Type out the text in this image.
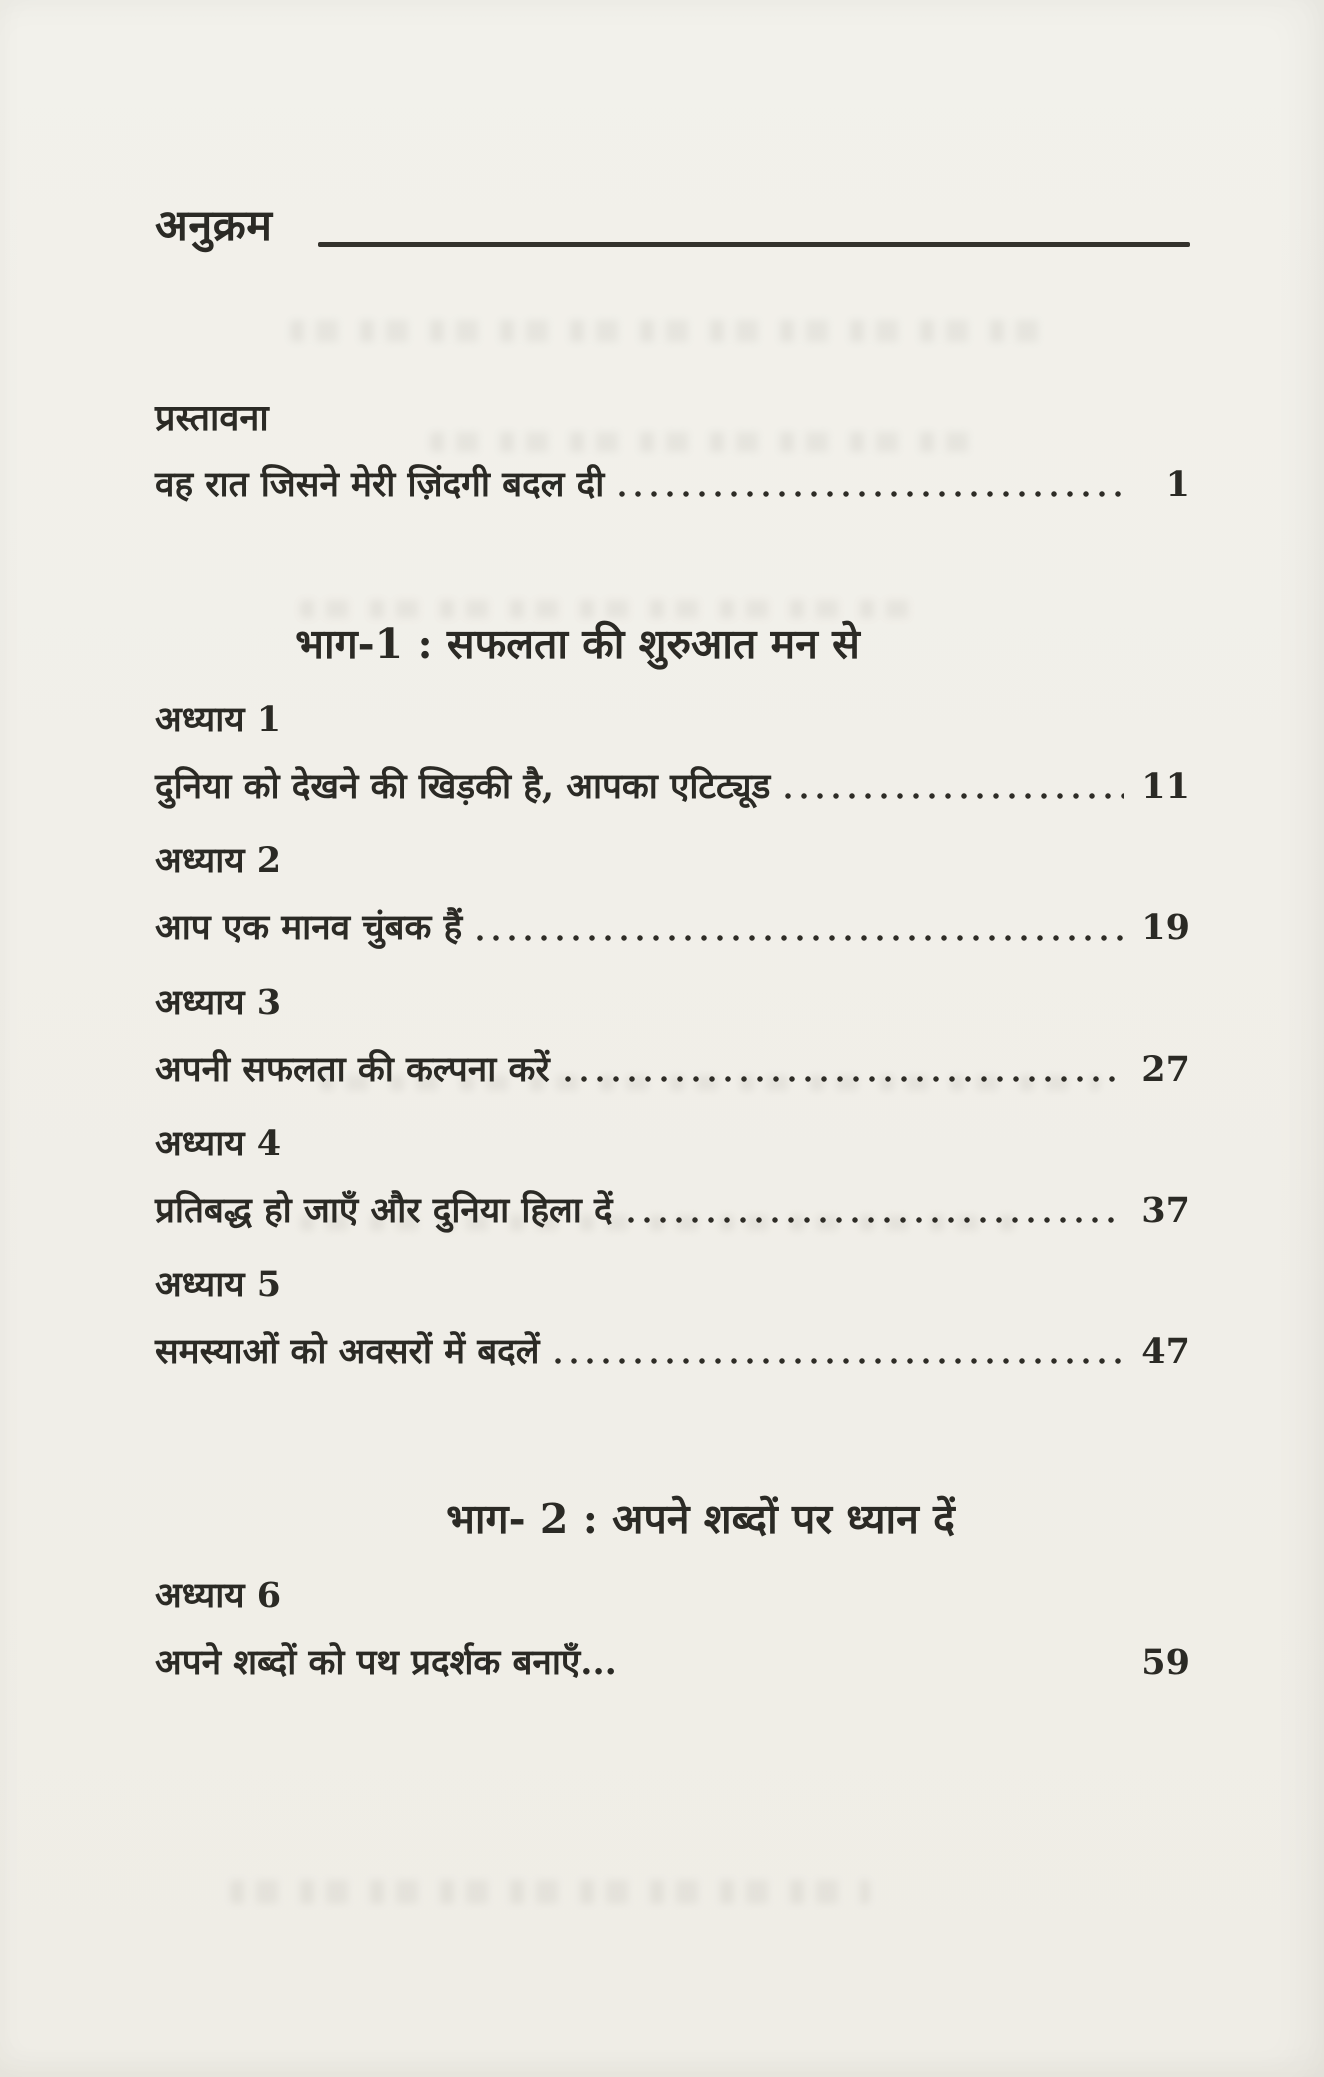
अनुक्रम
प्रस्तावना
वह रात जिसने मेरी ज़िंदगी बदल दी	1
भाग-1 : सफलता की शुरुआत मन से
अध्याय 1
दुनिया को देखने की खिड़की है, आपका एटिट्यूड	11
अध्याय 2
आप एक मानव चुंबक हैं	19
अध्याय 3
अपनी सफलता की कल्पना करें	27
अध्याय 4
प्रतिबद्ध हो जाएँ और दुनिया हिला दें	37
अध्याय 5
समस्याओं को अवसरों में बदलें	47
भाग- 2 : अपने शब्दों पर ध्यान दें
अध्याय 6
अपने शब्दों को पथ प्रदर्शक बनाएँ...	59
